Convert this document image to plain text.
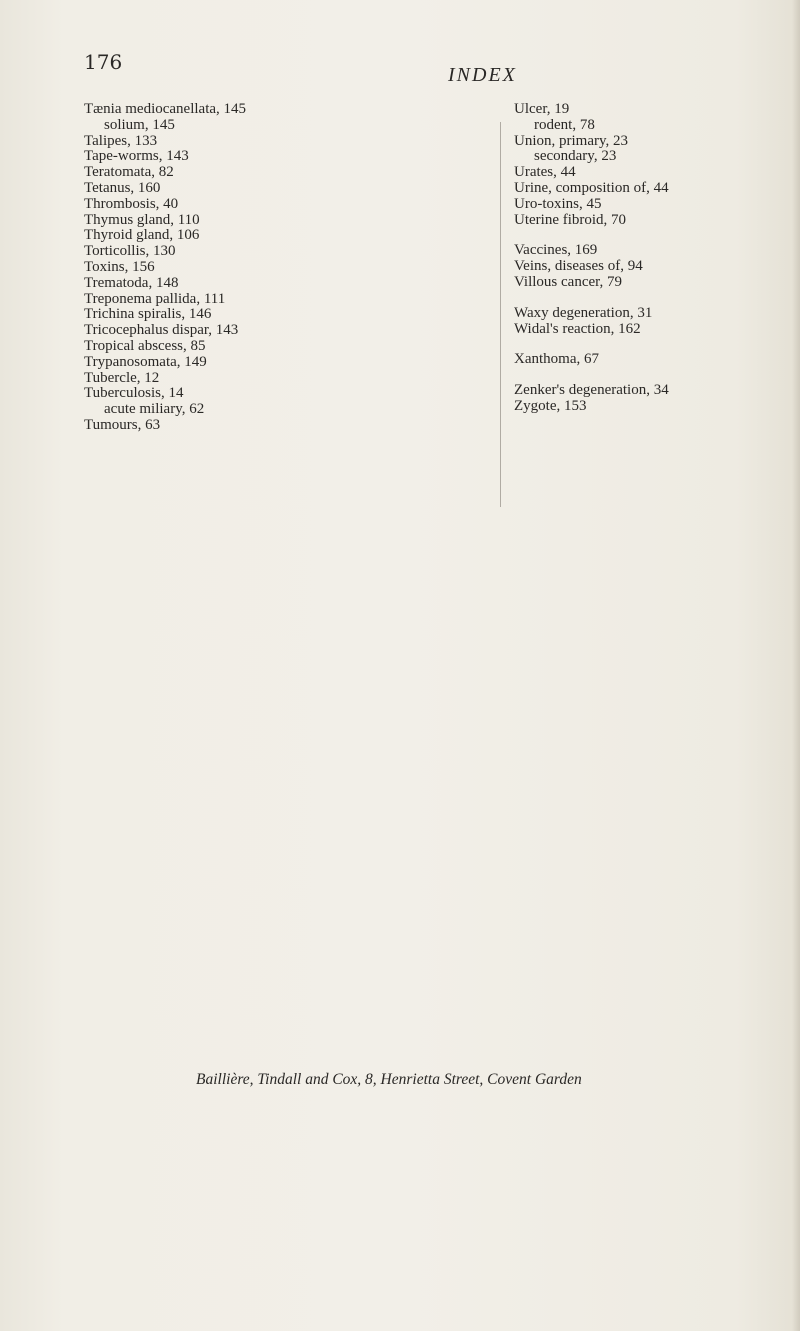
176
INDEX
Tænia mediocanellata, 145
solium, 145
Talipes, 133
Tape-worms, 143
Teratomata, 82
Tetanus, 160
Thrombosis, 40
Thymus gland, 110
Thyroid gland, 106
Torticollis, 130
Toxins, 156
Trematoda, 148
Treponema pallida, 111
Trichina spiralis, 146
Tricocephalus dispar, 143
Tropical abscess, 85
Trypanosomata, 149
Tubercle, 12
Tuberculosis, 14
acute miliary, 62
Tumours, 63
Ulcer, 19
rodent, 78
Union, primary, 23
secondary, 23
Urates, 44
Urine, composition of, 44
Uro-toxins, 45
Uterine fibroid, 70
Vaccines, 169
Veins, diseases of, 94
Villous cancer, 79
Waxy degeneration, 31
Widal's reaction, 162
Xanthoma, 67
Zenker's degeneration, 34
Zygote, 153
Baillière, Tindall and Cox, 8, Henrietta Street, Covent Garden
